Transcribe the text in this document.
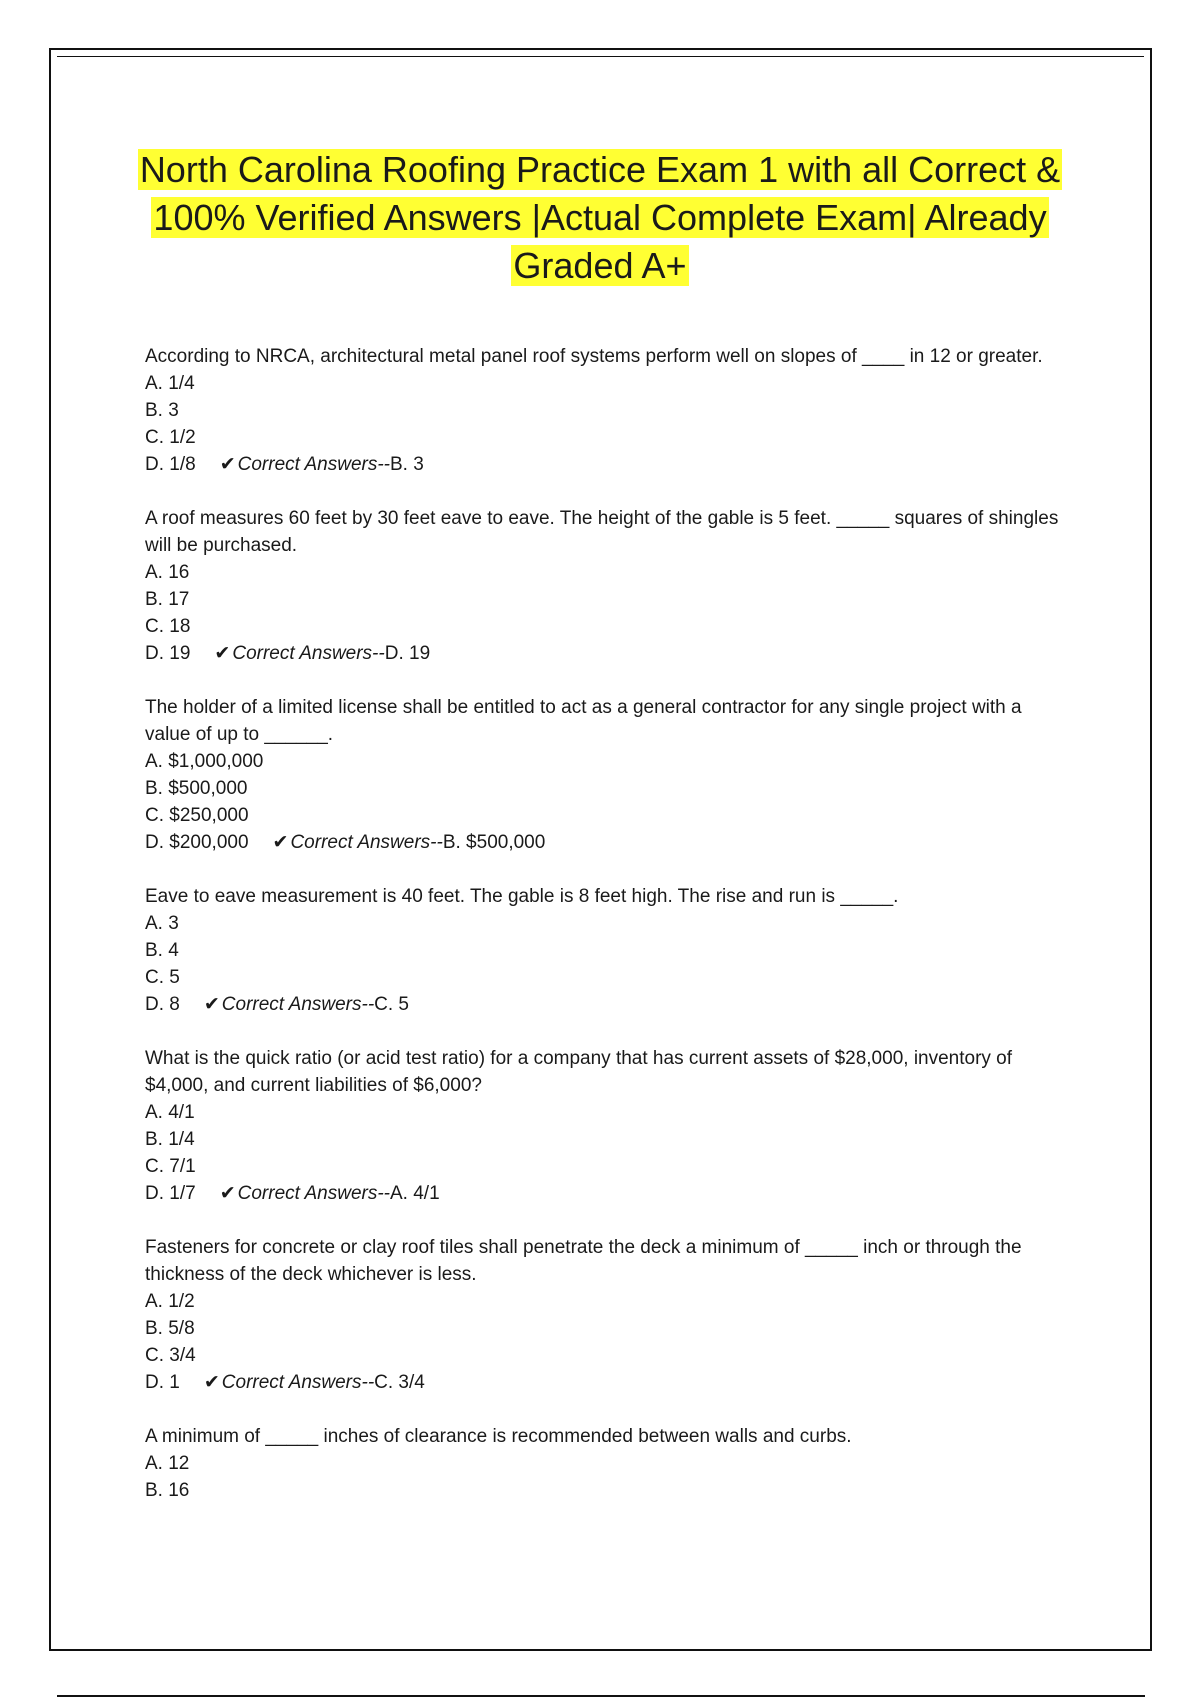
North Carolina Roofing Practice Exam 1 with all Correct & 100% Verified Answers |Actual Complete Exam| Already Graded A+

According to NRCA, architectural metal panel roof systems perform well on slopes of ____ in 12 or greater.

A. 1/4

B. 3

C. 1/2

D. 1/8 ✔ Correct Answers--B. 3

A roof measures 60 feet by 30 feet eave to eave. The height of the gable is 5 feet. _____ squares of shingles will be purchased.

A. 16

B. 17

C. 18

D. 19 ✔ Correct Answers--D. 19

The holder of a limited license shall be entitled to act as a general contractor for any single project with a value of up to ______.

A. $1,000,000

B. $500,000

C. $250,000

D. $200,000 ✔ Correct Answers--B. $500,000

Eave to eave measurement is 40 feet. The gable is 8 feet high. The rise and run is _____.

A. 3

B. 4

C. 5

D. 8 ✔ Correct Answers--C. 5

What is the quick ratio (or acid test ratio) for a company that has current assets of $28,000, inventory of $4,000, and current liabilities of $6,000?

A. 4/1

B. 1/4

C. 7/1

D. 1/7 ✔ Correct Answers--A. 4/1

Fasteners for concrete or clay roof tiles shall penetrate the deck a minimum of _____ inch or through the thickness of the deck whichever is less.

A. 1/2

B. 5/8

C. 3/4

D. 1 ✔ Correct Answers--C. 3/4

A minimum of _____ inches of clearance is recommended between walls and curbs.

A. 12

B. 16
